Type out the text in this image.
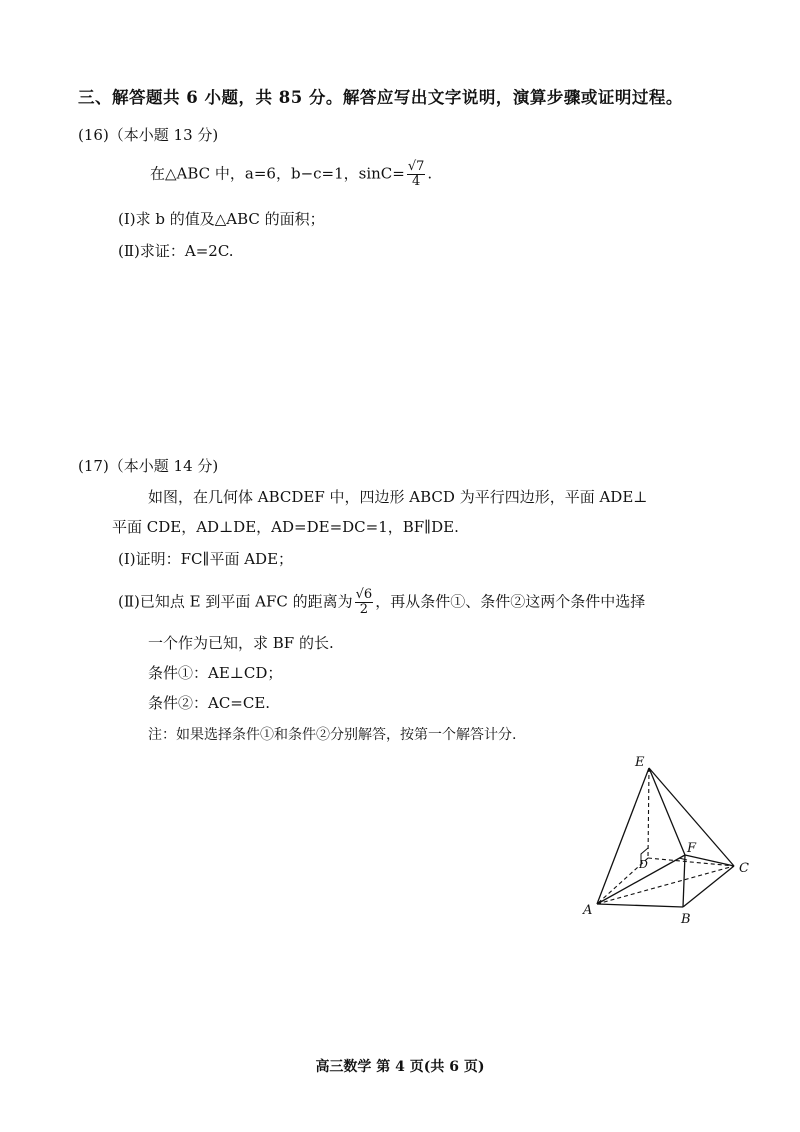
三、解答题共 6 小题，共 85 分。解答应写出文字说明，演算步骤或证明过程。
(16)（本小题 13 分)
在△ABC 中，a=6，b−c=1，$\sin C= \frac{√7}{4}$ .
(Ⅰ)求 b 的值及△ABC 的面积；
(Ⅱ)求证：A=2C.
(17)（本小题 14 分)
如图，在几何体 ABCDEF 中，四边形 ABCD 为平行四边形，平面 ADE⊥
平面 CDE，AD⊥DE，AD=DE=DC=1，BF∥DE.
(Ⅰ)证明：FC∥平面 ADE；
(Ⅱ)已知点 E 到平面 AFC 的距离为 $\frac{√6}{2}$ ，再从条件①、条件②这两个条件中选择
一个作为已知，求 BF 的长.
条件①：AE⊥CD；
条件②：AC=CE.
注：如果选择条件①和条件②分别解答，按第一个解答计分.
E
F
C
A
B
D
高三数学 第 4 页(共 6 页)
